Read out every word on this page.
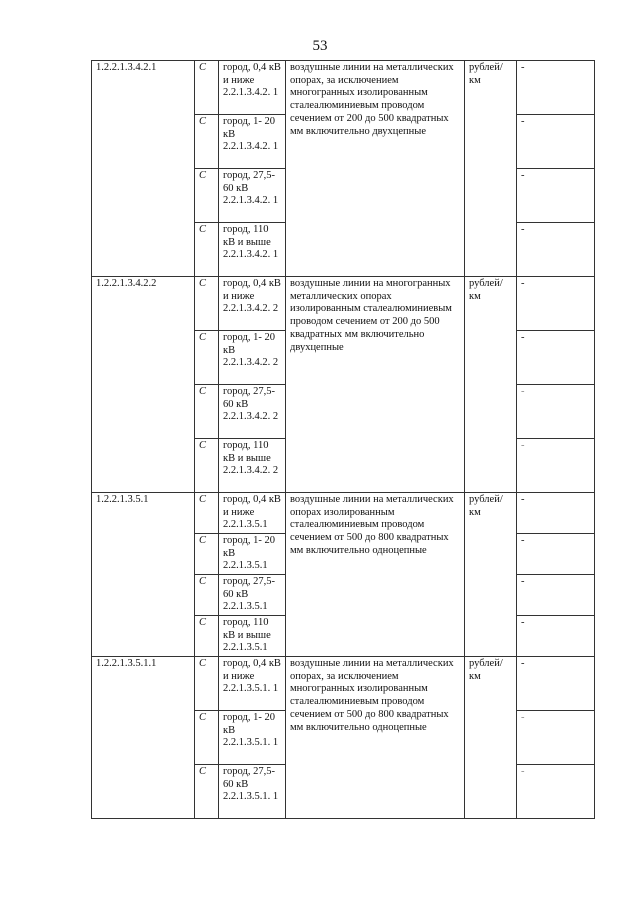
53
1.2.2.1.3.4.2.1	С	город, 0,4 кВ и ниже 2.2.1.3.4.2. 1	воздушные линии на металлических опорах, за исключением многогранных изолированным сталеалюминиевым проводом сечением от 200 до 500 квадратных мм включительно двухцепные	рублей/ км	-
	С	город, 1- 20 кВ 2.2.1.3.4.2. 1			-
	С	город, 27,5-60 кВ 2.2.1.3.4.2. 1			-
	С	город, 110 кВ и выше 2.2.1.3.4.2. 1			-
1.2.2.1.3.4.2.2	С	город, 0,4 кВ и ниже 2.2.1.3.4.2. 2	воздушные линии на многогранных металлических опорах изолированным сталеалюминиевым проводом сечением от 200 до 500 квадратных мм включительно двухцепные	рублей/ км	-
	С	город, 1- 20 кВ 2.2.1.3.4.2. 2			-
	С	город, 27,5-60 кВ 2.2.1.3.4.2. 2			-
	С	город, 110 кВ и выше 2.2.1.3.4.2. 2			-
1.2.2.1.3.5.1	С	город, 0,4 кВ и ниже 2.2.1.3.5.1	воздушные линии на металлических опорах изолированным сталеалюминиевым проводом сечением от 500 до 800 квадратных мм включительно одноцепные	рублей/ км	-
	С	город, 1- 20 кВ 2.2.1.3.5.1			-
	С	город, 27,5-60 кВ 2.2.1.3.5.1			-
	С	город, 110 кВ и выше 2.2.1.3.5.1			-
1.2.2.1.3.5.1.1	С	город, 0,4 кВ и ниже 2.2.1.3.5.1. 1	воздушные линии на металлических опорах, за исключением многогранных изолированным сталеалюминиевым проводом сечением от 500 до 800 квадратных мм включительно одноцепные	рублей/ км	-
	С	город, 1- 20 кВ 2.2.1.3.5.1. 1			-
	С	город, 27,5-60 кВ 2.2.1.3.5.1. 1			-
